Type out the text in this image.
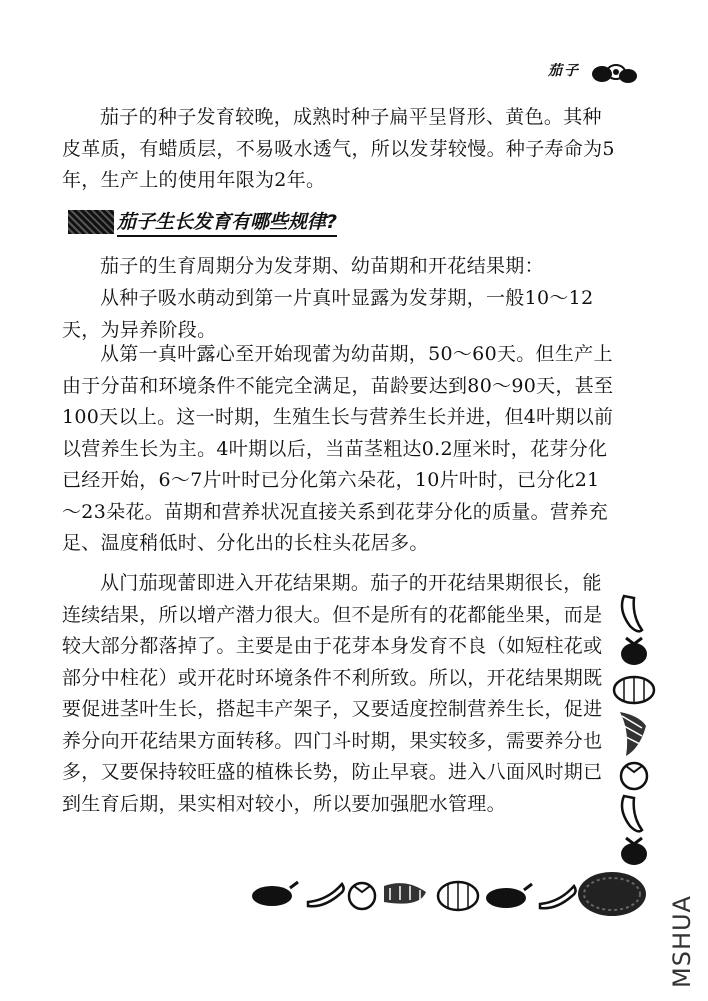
茄子

茄子的种子发育较晚，成熟时种子扁平呈肾形、黄色。其种皮革质，有蜡质层，不易吸水透气，所以发芽较慢。种子寿命为5年，生产上的使用年限为2年。

茄子生长发育有哪些规律?

茄子的生育周期分为发芽期、幼苗期和开花结果期：

从种子吸水萌动到第一片真叶显露为发芽期，一般10～12天，为异养阶段。

从第一真叶露心至开始现蕾为幼苗期，50～60天。但生产上由于分苗和环境条件不能完全满足，苗龄要达到80～90天，甚至100天以上。这一时期，生殖生长与营养生长并进，但4叶期以前以营养生长为主。4叶期以后，当苗茎粗达0.2厘米时，花芽分化已经开始，6～7片叶时已分化第六朵花，10片叶时，已分化21～23朵花。苗期和营养状况直接关系到花芽分化的质量。营养充足、温度稍低时、分化出的长柱头花居多。

从门茄现蕾即进入开花结果期。茄子的开花结果期很长，能连续结果，所以增产潜力很大。但不是所有的花都能坐果，而是较大部分都落掉了。主要是由于花芽本身发育不良（如短柱花或部分中柱花）或开花时环境条件不利所致。所以，开花结果期既要促进茎叶生长，搭起丰产架子，又要适度控制营养生长，促进养分向开花结果方面转移。四门斗时期，果实较多，需要养分也多，又要保持较旺盛的植株长势，防止早衰。进入八面风时期已到生育后期，果实相对较小，所以要加强肥水管理。

MSHUA
